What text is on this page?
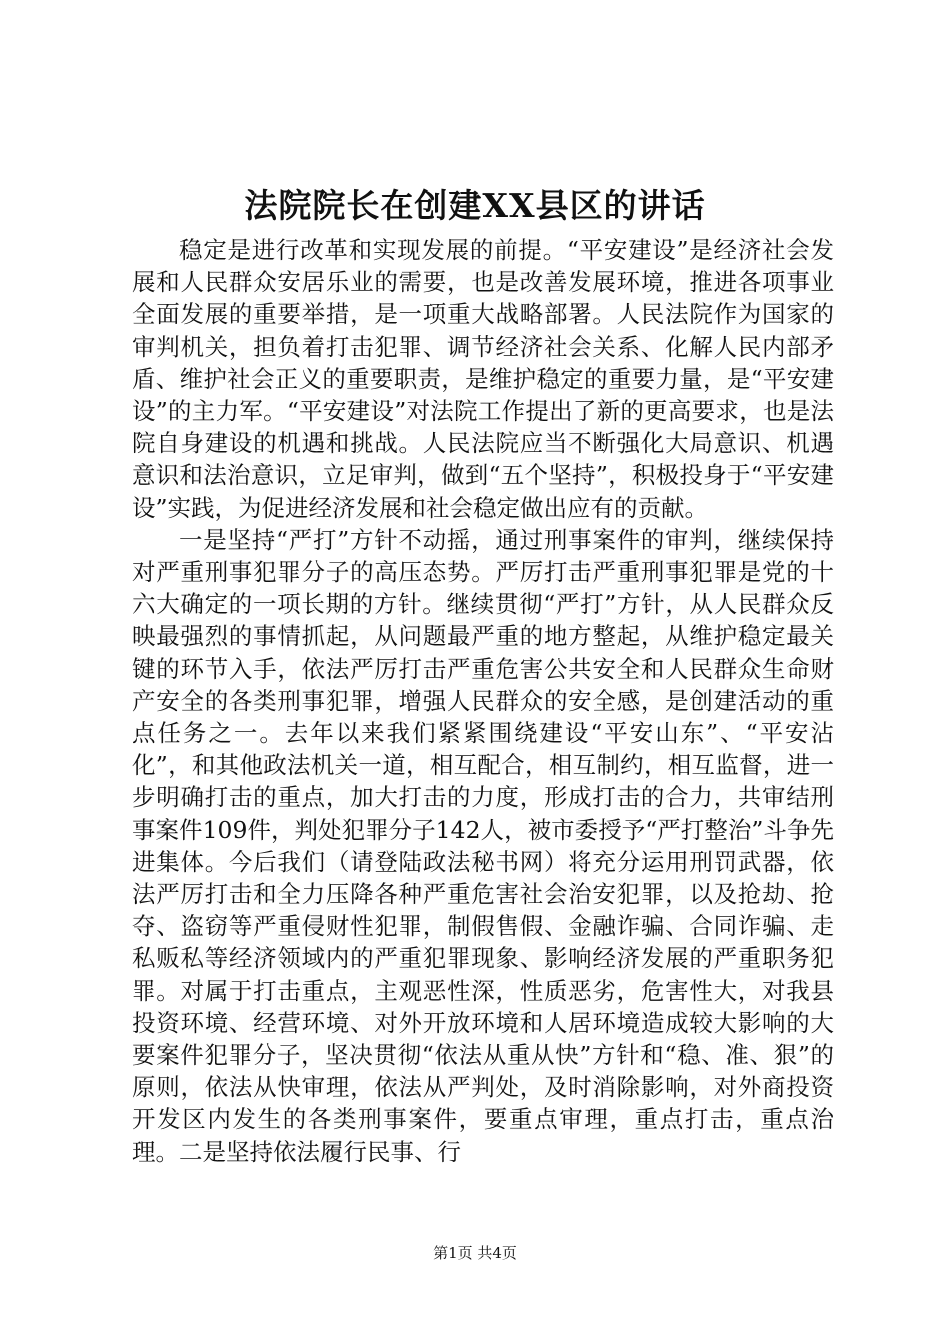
法院院长在创建XX县区的讲话

稳定是进行改革和实现发展的前提。“平安建设”是经济社会发展和人民群众安居乐业的需要，也是改善发展环境，推进各项事业全面发展的重要举措，是一项重大战略部署。人民法院作为国家的审判机关，担负着打击犯罪、调节经济社会关系、化解人民内部矛盾、维护社会正义的重要职责，是维护稳定的重要力量，是“平安建设”的主力军。“平安建设”对法院工作提出了新的更高要求，也是法院自身建设的机遇和挑战。人民法院应当不断强化大局意识、机遇意识和法治意识，立足审判，做到“五个坚持”，积极投身于“平安建设”实践，为促进经济发展和社会稳定做出应有的贡献。

一是坚持“严打”方针不动摇，通过刑事案件的审判，继续保持对严重刑事犯罪分子的高压态势。严厉打击严重刑事犯罪是党的十六大确定的一项长期的方针。继续贯彻“严打”方针，从人民群众反映最强烈的事情抓起，从问题最严重的地方整起，从维护稳定最关键的环节入手，依法严厉打击严重危害公共安全和人民群众生命财产安全的各类刑事犯罪，增强人民群众的安全感，是创建活动的重点任务之一。去年以来我们紧紧围绕建设“平安山东”、“平安沾化”，和其他政法机关一道，相互配合，相互制约，相互监督，进一步明确打击的重点，加大打击的力度，形成打击的合力，共审结刑事案件109件，判处犯罪分子142人，被市委授予“严打整治”斗争先进集体。今后我们（请登陆政法秘书网）将充分运用刑罚武器，依法严厉打击和全力压降各种严重危害社会治安犯罪，以及抢劫、抢夺、盗窃等严重侵财性犯罪，制假售假、金融诈骗、合同诈骗、走私贩私等经济领域内的严重犯罪现象、影响经济发展的严重职务犯罪。对属于打击重点，主观恶性深，性质恶劣，危害性大，对我县投资环境、经营环境、对外开放环境和人居环境造成较大影响的大要案件犯罪分子，坚决贯彻“依法从重从快”方针和“稳、准、狠”的原则，依法从快审理，依法从严判处，及时消除影响，对外商投资开发区内发生的各类刑事案件，要重点审理，重点打击，重点治理。二是坚持依法履行民事、行

第1页 共4页
